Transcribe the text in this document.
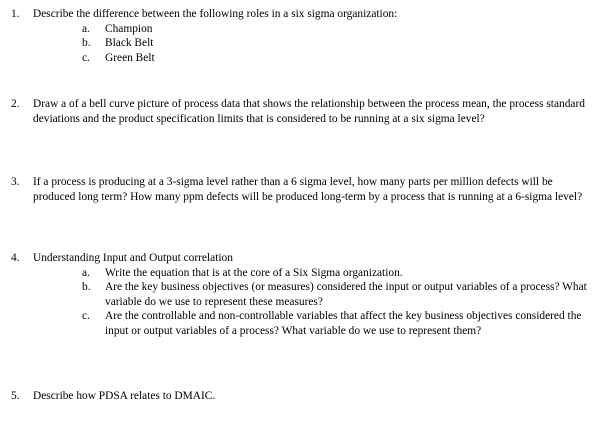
1.	Describe the difference between the following roles in a six sigma organization:
a. Champion
b. Black Belt
c. Green Belt
2.	Draw a of a bell curve picture of process data that shows the relationship between the process mean, the process standard deviations and the product specification limits that is considered to be running at a six sigma level?
3.	If a process is producing at a 3-sigma level rather than a 6 sigma level, how many parts per million defects will be produced long term? How many ppm defects will be produced long-term by a process that is running at a 6-sigma level?
4.	Understanding Input and Output correlation
a. Write the equation that is at the core of a Six Sigma organization.
b. Are the key business objectives (or measures) considered the input or output variables of a process? What variable do we use to represent these measures?
c. Are the controllable and non-controllable variables that affect the key business objectives considered the input or output variables of a process? What variable do we use to represent them?
5.	Describe how PDSA relates to DMAIC.
